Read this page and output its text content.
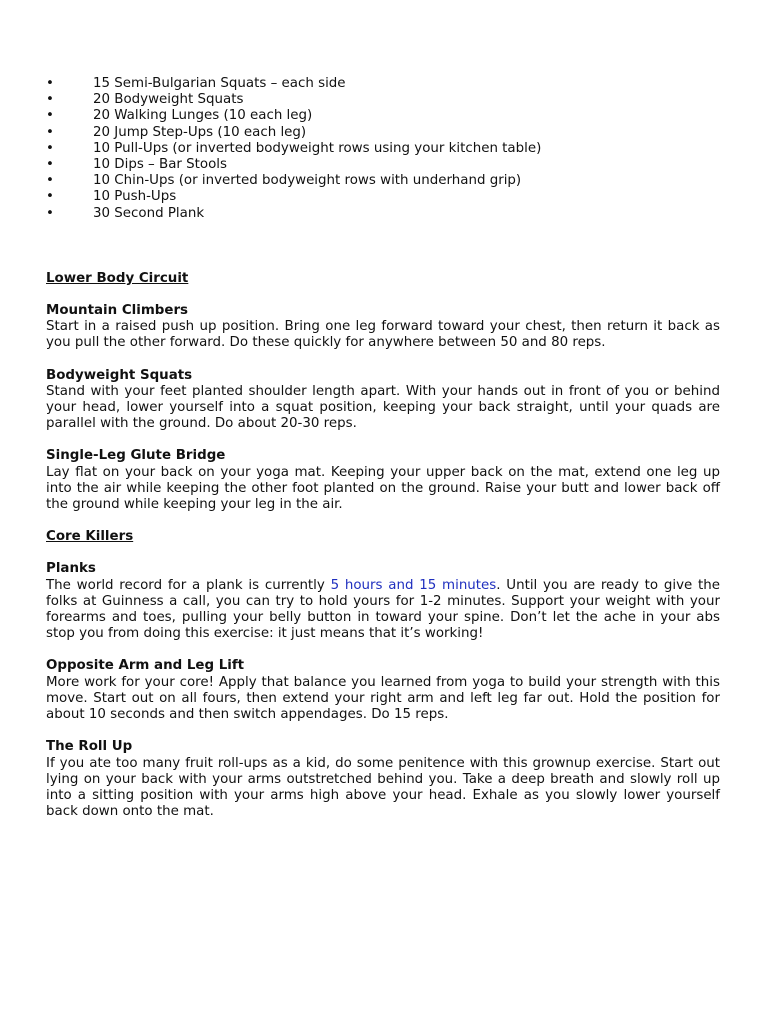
•	15 Semi-Bulgarian Squats – each side
•	20 Bodyweight Squats
•	20 Walking Lunges (10 each leg)
•	20 Jump Step-Ups (10 each leg)
•	10 Pull-Ups (or inverted bodyweight rows using your kitchen table)
•	10 Dips – Bar Stools
•	10 Chin-Ups (or inverted bodyweight rows with underhand grip)
•	10 Push-Ups
•	30 Second Plank
Lower Body Circuit
Mountain Climbers

Start in a raised push up position. Bring one leg forward toward your chest, then return it back as you pull the other forward. Do these quickly for anywhere between 50 and 80 reps.

Bodyweight Squats

Stand with your feet planted shoulder length apart. With your hands out in front of you or behind your head, lower yourself into a squat position, keeping your back straight, until your quads are parallel with the ground. Do about 20-30 reps.

Single-Leg Glute Bridge

Lay flat on your back on your yoga mat. Keeping your upper back on the mat, extend one leg up into the air while keeping the other foot planted on the ground. Raise your butt and lower back off the ground while keeping your leg in the air.

Core Killers
Planks

The world record for a plank is currently 5 hours and 15 minutes. Until you are ready to give the folks at Guinness a call, you can try to hold yours for 1-2 minutes. Support your weight with your forearms and toes, pulling your belly button in toward your spine. Don’t let the ache in your abs stop you from doing this exercise: it just means that it’s working!

Opposite Arm and Leg Lift

More work for your core! Apply that balance you learned from yoga to build your strength with this move. Start out on all fours, then extend your right arm and left leg far out. Hold the position for about 10 seconds and then switch appendages. Do 15 reps.

The Roll Up

If you ate too many fruit roll-ups as a kid, do some penitence with this grownup exercise. Start out lying on your back with your arms outstretched behind you. Take a deep breath and slowly roll up into a sitting position with your arms high above your head. Exhale as you slowly lower yourself back down onto the mat.
